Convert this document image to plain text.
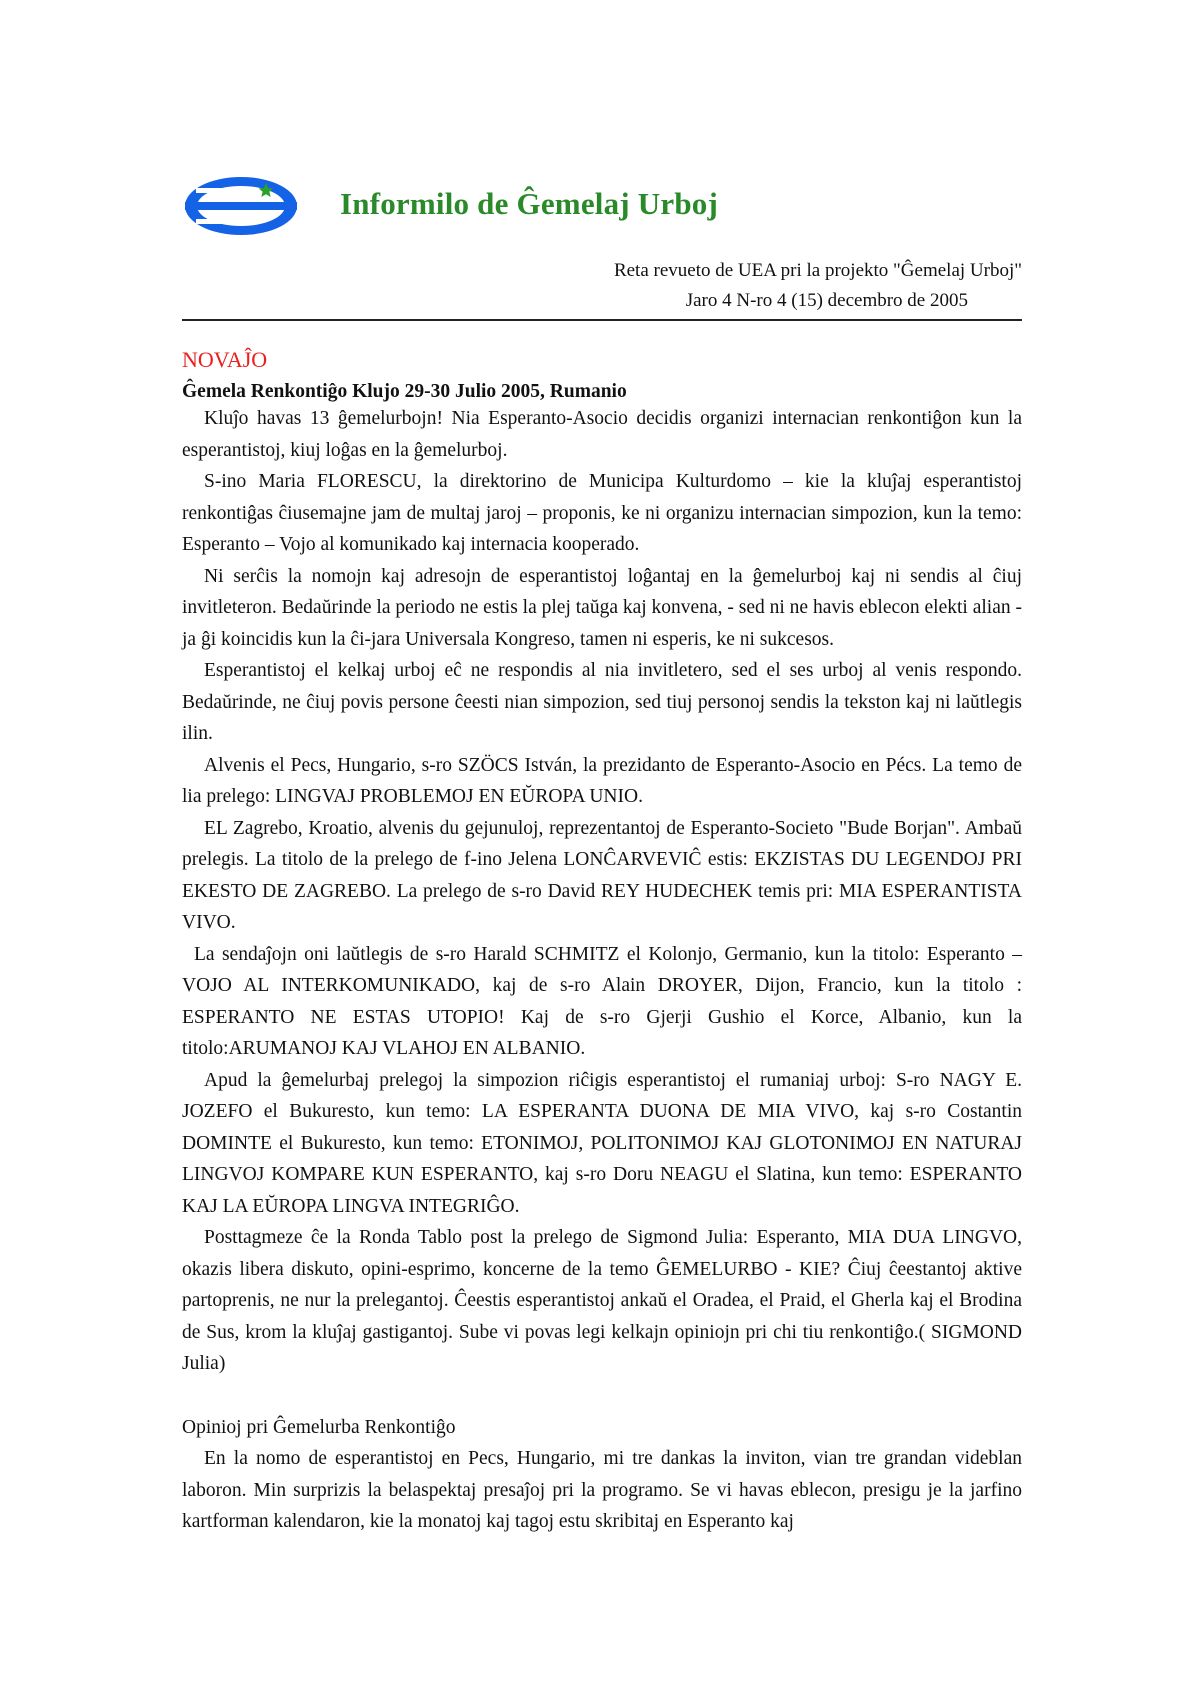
Informilo de Ĝemelaj Urboj
Reta revueto de UEA pri la projekto "Ĝemelaj Urboj"
Jaro 4 N-ro 4 (15) decembro de 2005
NOVAĴO
Ĝemela Renkontiĝo Klujo 29-30 Julio 2005, Rumanio

Kluĵo havas 13 ĝemelurbojn! Nia Esperanto-Asocio decidis organizi internacian renkontiĝon kun la esperantistoj, kiuj loĝas en la ĝemelurboj.

S-ino Maria FLORESCU, la direktorino de Municipa Kulturdomo – kie la kluĵaj esperantistoj renkontiĝas ĉiusemajne jam de multaj jaroj – proponis, ke ni organizu internacian simpozion, kun la temo: Esperanto – Vojo al komunikado kaj internacia kooperado.

Ni serĉis la nomojn kaj adresojn de esperantistoj loĝantaj en la ĝemelurboj kaj ni sendis al ĉiuj invitleteron. Bedaŭrinde la periodo ne estis la plej taŭga kaj konvena, - sed ni ne havis eblecon elekti alian - ja ĝi koincidis kun la ĉi-jara Universala Kongreso, tamen ni esperis, ke ni sukcesos.

Esperantistoj el kelkaj urboj eĉ ne respondis al nia invitletero, sed el ses urboj al venis respondo. Bedaŭrinde, ne ĉiuj povis persone ĉeesti nian simpozion, sed tiuj personoj sendis la tekston kaj ni laŭtlegis ilin.

Alvenis el Pecs, Hungario, s-ro SZÖCS István, la prezidanto de Esperanto-Asocio en Pécs. La temo de lia prelego: LINGVAJ PROBLEMOJ EN EŬROPA UNIO.

EL Zagrebo, Kroatio, alvenis du gejunuloj, reprezentantoj de Esperanto-Societo "Bude Borjan". Ambaŭ prelegis. La titolo de la prelego de f-ino Jelena LONĈARVEVIĈ estis: EKZISTAS DU LEGENDOJ PRI EKESTO DE ZAGREBO. La prelego de s-ro David REY HUDECHEK temis pri: MIA ESPERANTISTA VIVO.

La sendaĵojn oni laŭtlegis de s-ro Harald SCHMITZ el Kolonjo, Germanio, kun la titolo: Esperanto – VOJO AL INTERKOMUNIKADO, kaj de s-ro Alain DROYER, Dijon, Francio, kun la titolo : ESPERANTO NE ESTAS UTOPIO! Kaj de s-ro Gjerji Gushio el Korce, Albanio, kun la titolo:ARUMANOJ KAJ VLAHOJ EN ALBANIO.

Apud la ĝemelurbaj prelegoj la simpozion riĉigis esperantistoj el rumaniaj urboj: S-ro NAGY E. JOZEFO el Bukuresto, kun temo: LA ESPERANTA DUONA DE MIA VIVO, kaj s-ro Costantin DOMINTE el Bukuresto, kun temo: ETONIMOJ, POLITONIMOJ KAJ GLOTONIMOJ EN NATURAJ LINGVOJ KOMPARE KUN ESPERANTO, kaj s-ro Doru NEAGU el Slatina, kun temo: ESPERANTO KAJ LA EŬROPA LINGVA INTEGRIĜO.

Posttagmeze ĉe la Ronda Tablo post la prelego de Sigmond Julia: Esperanto, MIA DUA LINGVO, okazis libera diskuto, opini-esprimo, koncerne de la temo ĜEMELURBO - KIE? Ĉiuj ĉeestantoj aktive partoprenis, ne nur la prelegantoj. Ĉeestis esperantistoj ankaŭ el Oradea, el Praid, el Gherla kaj el Brodina de Sus, krom la kluĵaj gastigantoj. Sube vi povas legi kelkajn opiniojn pri chi tiu renkontiĝo.( SIGMOND Julia)

Opinioj pri Ĝemelurba Renkontiĝo

En la nomo de esperantistoj en Pecs, Hungario, mi tre dankas la inviton, vian tre grandan videblan laboron. Min surprizis la belaspektaj presaĵoj pri la programo. Se vi havas eblecon, presigu je la jarfino kartforman kalendaron, kie la monatoj kaj tagoj estu skribitaj en Esperanto kaj
